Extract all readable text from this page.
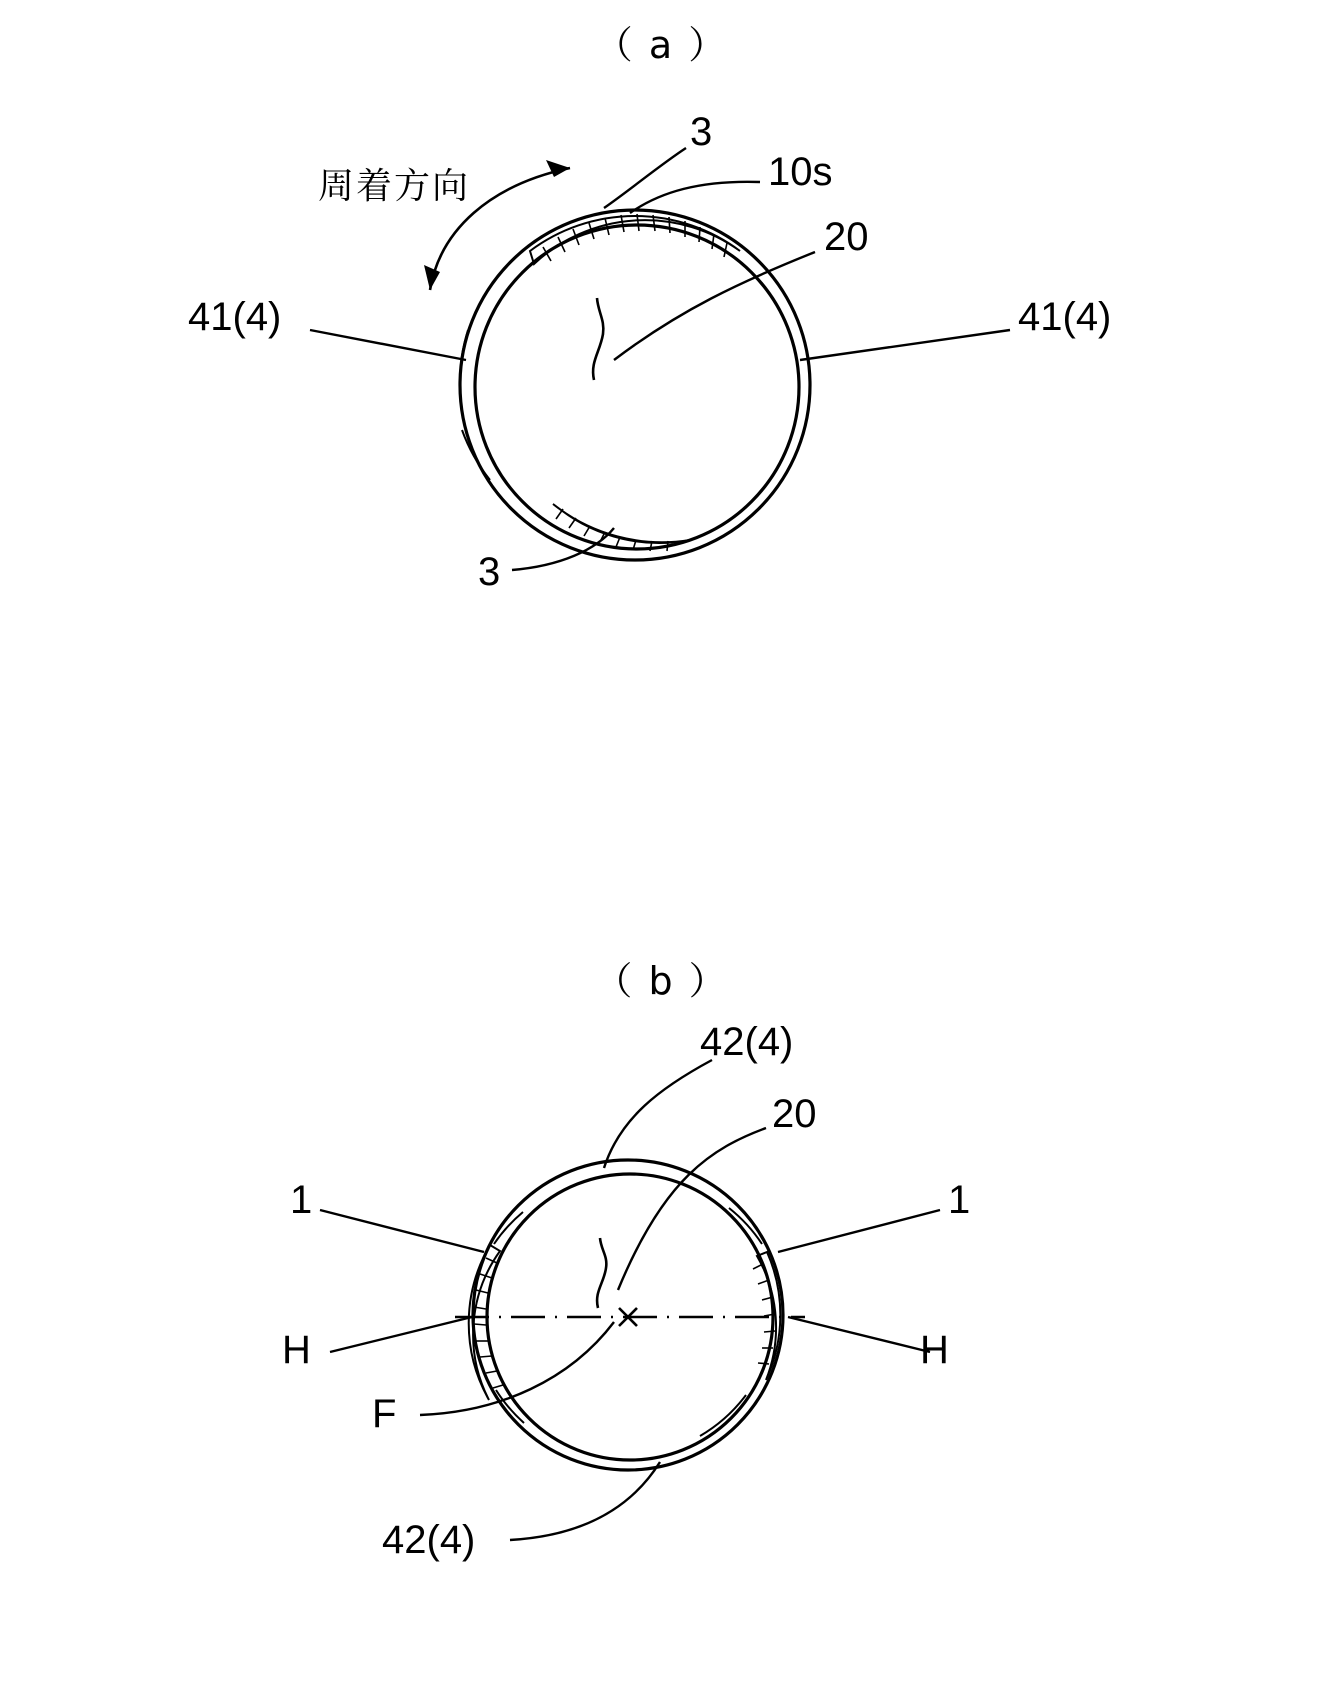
（ a ）
周着方向
3
10s
20
41(4)	41(4)
3
（ b ）
42(4)
20
1	1
H	H
F
42(4)
